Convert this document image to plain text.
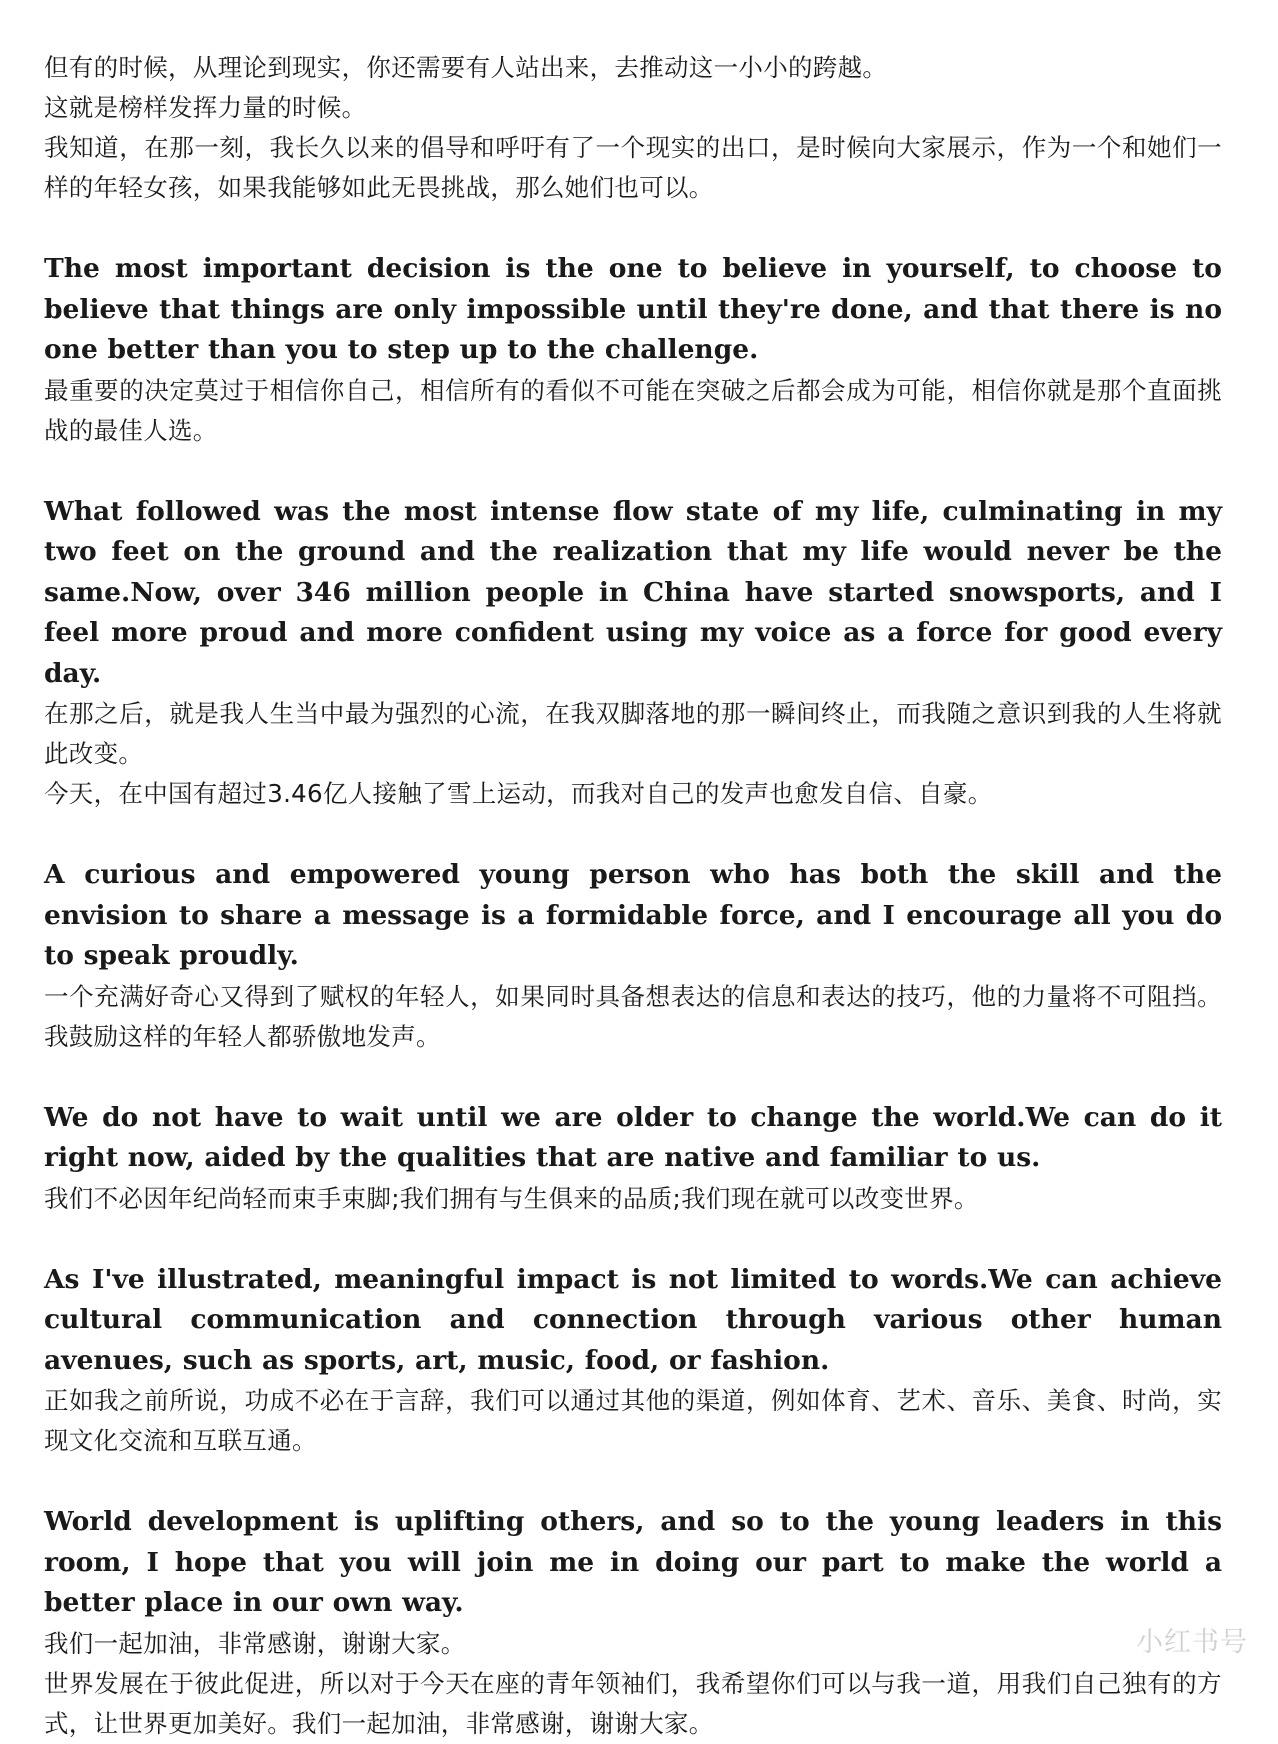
但有的时候，从理论到现实，你还需要有人站出来，去推动这一小小的跨越。

这就是榜样发挥力量的时候。

我知道，在那一刻，我长久以来的倡导和呼吁有了一个现实的出口，是时候向大家展示，作为一个和她们一样的年轻女孩，如果我能够如此无畏挑战，那么她们也可以。

The most important decision is the one to believe in yourself, to choose to believe that things are only impossible until they're done, and that there is no one better than you to step up to the challenge.

最重要的决定莫过于相信你自己，相信所有的看似不可能在突破之后都会成为可能，相信你就是那个直面挑战的最佳人选。

What followed was the most intense flow state of my life, culminating in my two feet on the ground and the realization that my life would never be the same.Now, over 346 million people in China have started snowsports, and I feel more proud and more confident using my voice as a force for good every day.

在那之后，就是我人生当中最为强烈的心流，在我双脚落地的那一瞬间终止，而我随之意识到我的人生将就此改变。

今天，在中国有超过3.46亿人接触了雪上运动，而我对自己的发声也愈发自信、自豪。

A curious and empowered young person who has both the skill and the envision to share a message is a formidable force, and I encourage all you do to speak proudly.

一个充满好奇心又得到了赋权的年轻人，如果同时具备想表达的信息和表达的技巧，他的力量将不可阻挡。我鼓励这样的年轻人都骄傲地发声。

We do not have to wait until we are older to change the world.We can do it right now, aided by the qualities that are native and familiar to us.

我们不必因年纪尚轻而束手束脚;我们拥有与生俱来的品质;我们现在就可以改变世界。

As I've illustrated, meaningful impact is not limited to words.We can achieve cultural communication and connection through various other human avenues, such as sports, art, music, food, or fashion.

正如我之前所说，功成不必在于言辞，我们可以通过其他的渠道，例如体育、艺术、音乐、美食、时尚，实现文化交流和互联互通。

World development is uplifting others, and so to the young leaders in this room, I hope that you will join me in doing our part to make the world a better place in our own way.

我们一起加油，非常感谢，谢谢大家。

世界发展在于彼此促进，所以对于今天在座的青年领袖们，我希望你们可以与我一道，用我们自己独有的方式，让世界更加美好。我们一起加油，非常感谢，谢谢大家。

小红书号
